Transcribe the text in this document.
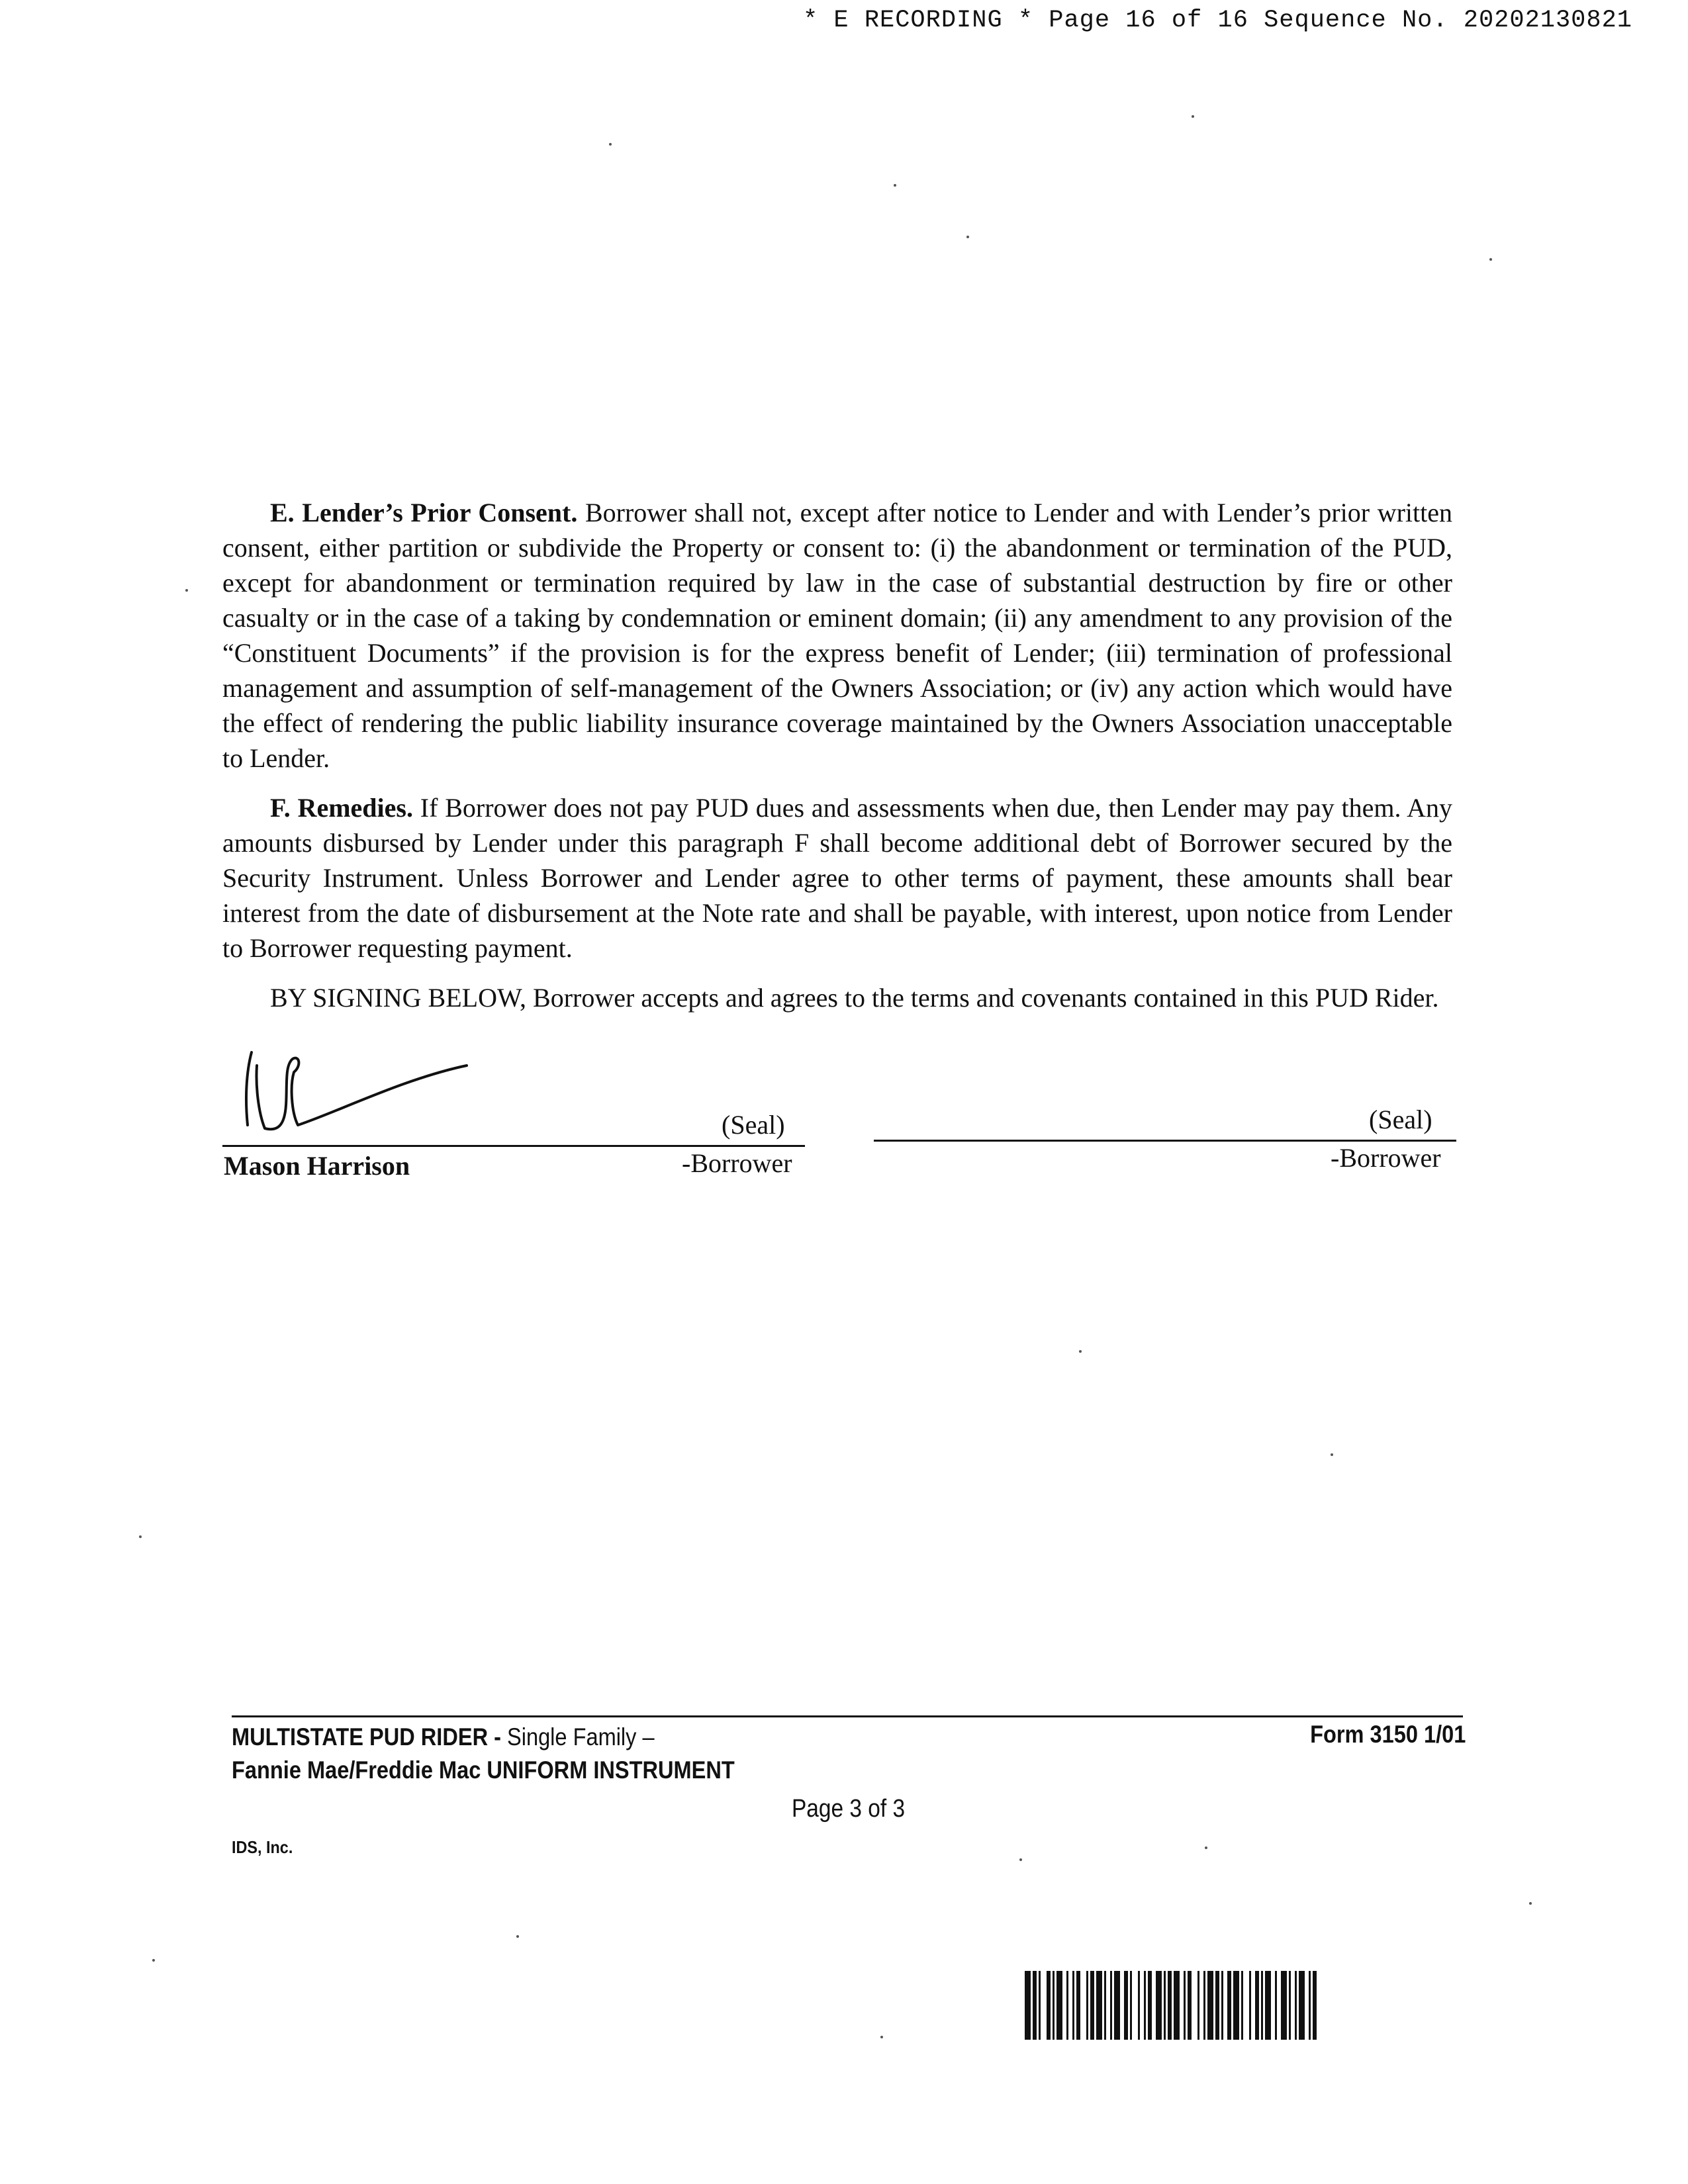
* E RECORDING * Page 16 of 16 Sequence No. 20202130821

E. Lender’s Prior Consent. Borrower shall not, except after notice to Lender and with Lender’s prior written consent, either partition or subdivide the Property or consent to: (i) the abandonment or termination of the PUD, except for abandonment or termination required by law in the case of substantial destruction by fire or other casualty or in the case of a taking by condemnation or eminent domain; (ii) any amendment to any provision of the “Constituent Documents” if the provision is for the express benefit of Lender; (iii) termination of professional management and assumption of self-management of the Owners Association; or (iv) any action which would have the effect of rendering the public liability insurance coverage maintained by the Owners Association unacceptable to Lender.

F. Remedies. If Borrower does not pay PUD dues and assessments when due, then Lender may pay them. Any amounts disbursed by Lender under this paragraph F shall become additional debt of Borrower secured by the Security Instrument. Unless Borrower and Lender agree to other terms of payment, these amounts shall bear interest from the date of disbursement at the Note rate and shall be payable, with interest, upon notice from Lender to Borrower requesting payment.

BY SIGNING BELOW, Borrower accepts and agrees to the terms and covenants contained in this PUD Rider.

(Seal)
-Borrower
Mason Harrison
(Seal)
-Borrower
MULTISTATE PUD RIDER - Single Family –
Fannie Mae/Freddie Mac UNIFORM INSTRUMENT
Form 3150 1/01
Page 3 of 3
IDS, Inc.
